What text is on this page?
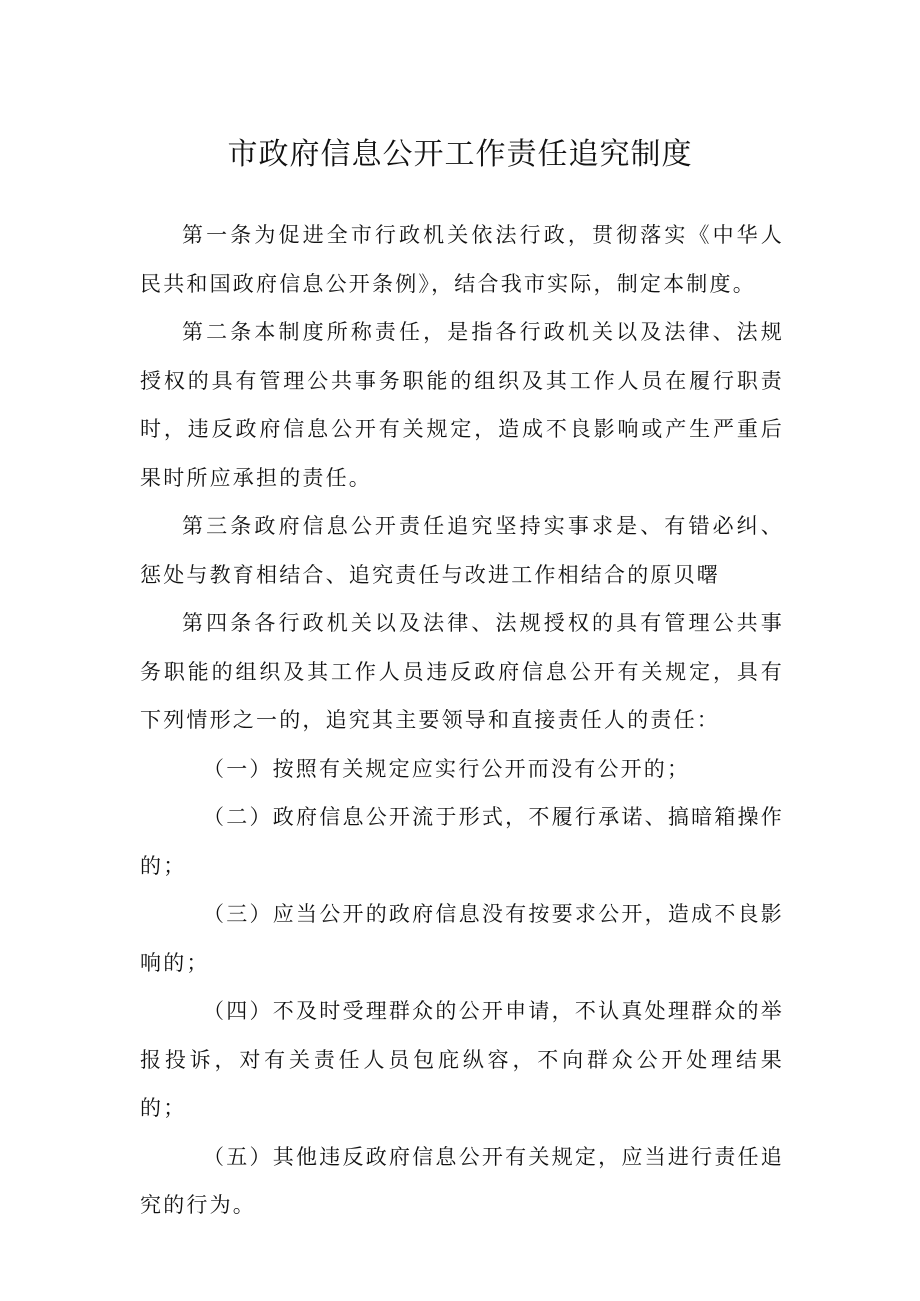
市政府信息公开工作责任追究制度

第一条为促进全市行政机关依法行政，贯彻落实《中华人民共和国政府信息公开条例》，结合我市实际，制定本制度。

第二条本制度所称责任，是指各行政机关以及法律、法规授权的具有管理公共事务职能的组织及其工作人员在履行职责时，违反政府信息公开有关规定，造成不良影响或产生严重后果时所应承担的责任。

第三条政府信息公开责任追究坚持实事求是、有错必纠、惩处与教育相结合、追究责任与改进工作相结合的原贝曙

第四条各行政机关以及法律、法规授权的具有管理公共事务职能的组织及其工作人员违反政府信息公开有关规定，具有下列情形之一的，追究其主要领导和直接责任人的责任：

（一）按照有关规定应实行公开而没有公开的；

（二）政府信息公开流于形式，不履行承诺、搞暗箱操作的；

（三）应当公开的政府信息没有按要求公开，造成不良影响的；

（四）不及时受理群众的公开申请，不认真处理群众的举报投诉，对有关责任人员包庇纵容，不向群众公开处理结果的；

（五）其他违反政府信息公开有关规定，应当进行责任追究的行为。
